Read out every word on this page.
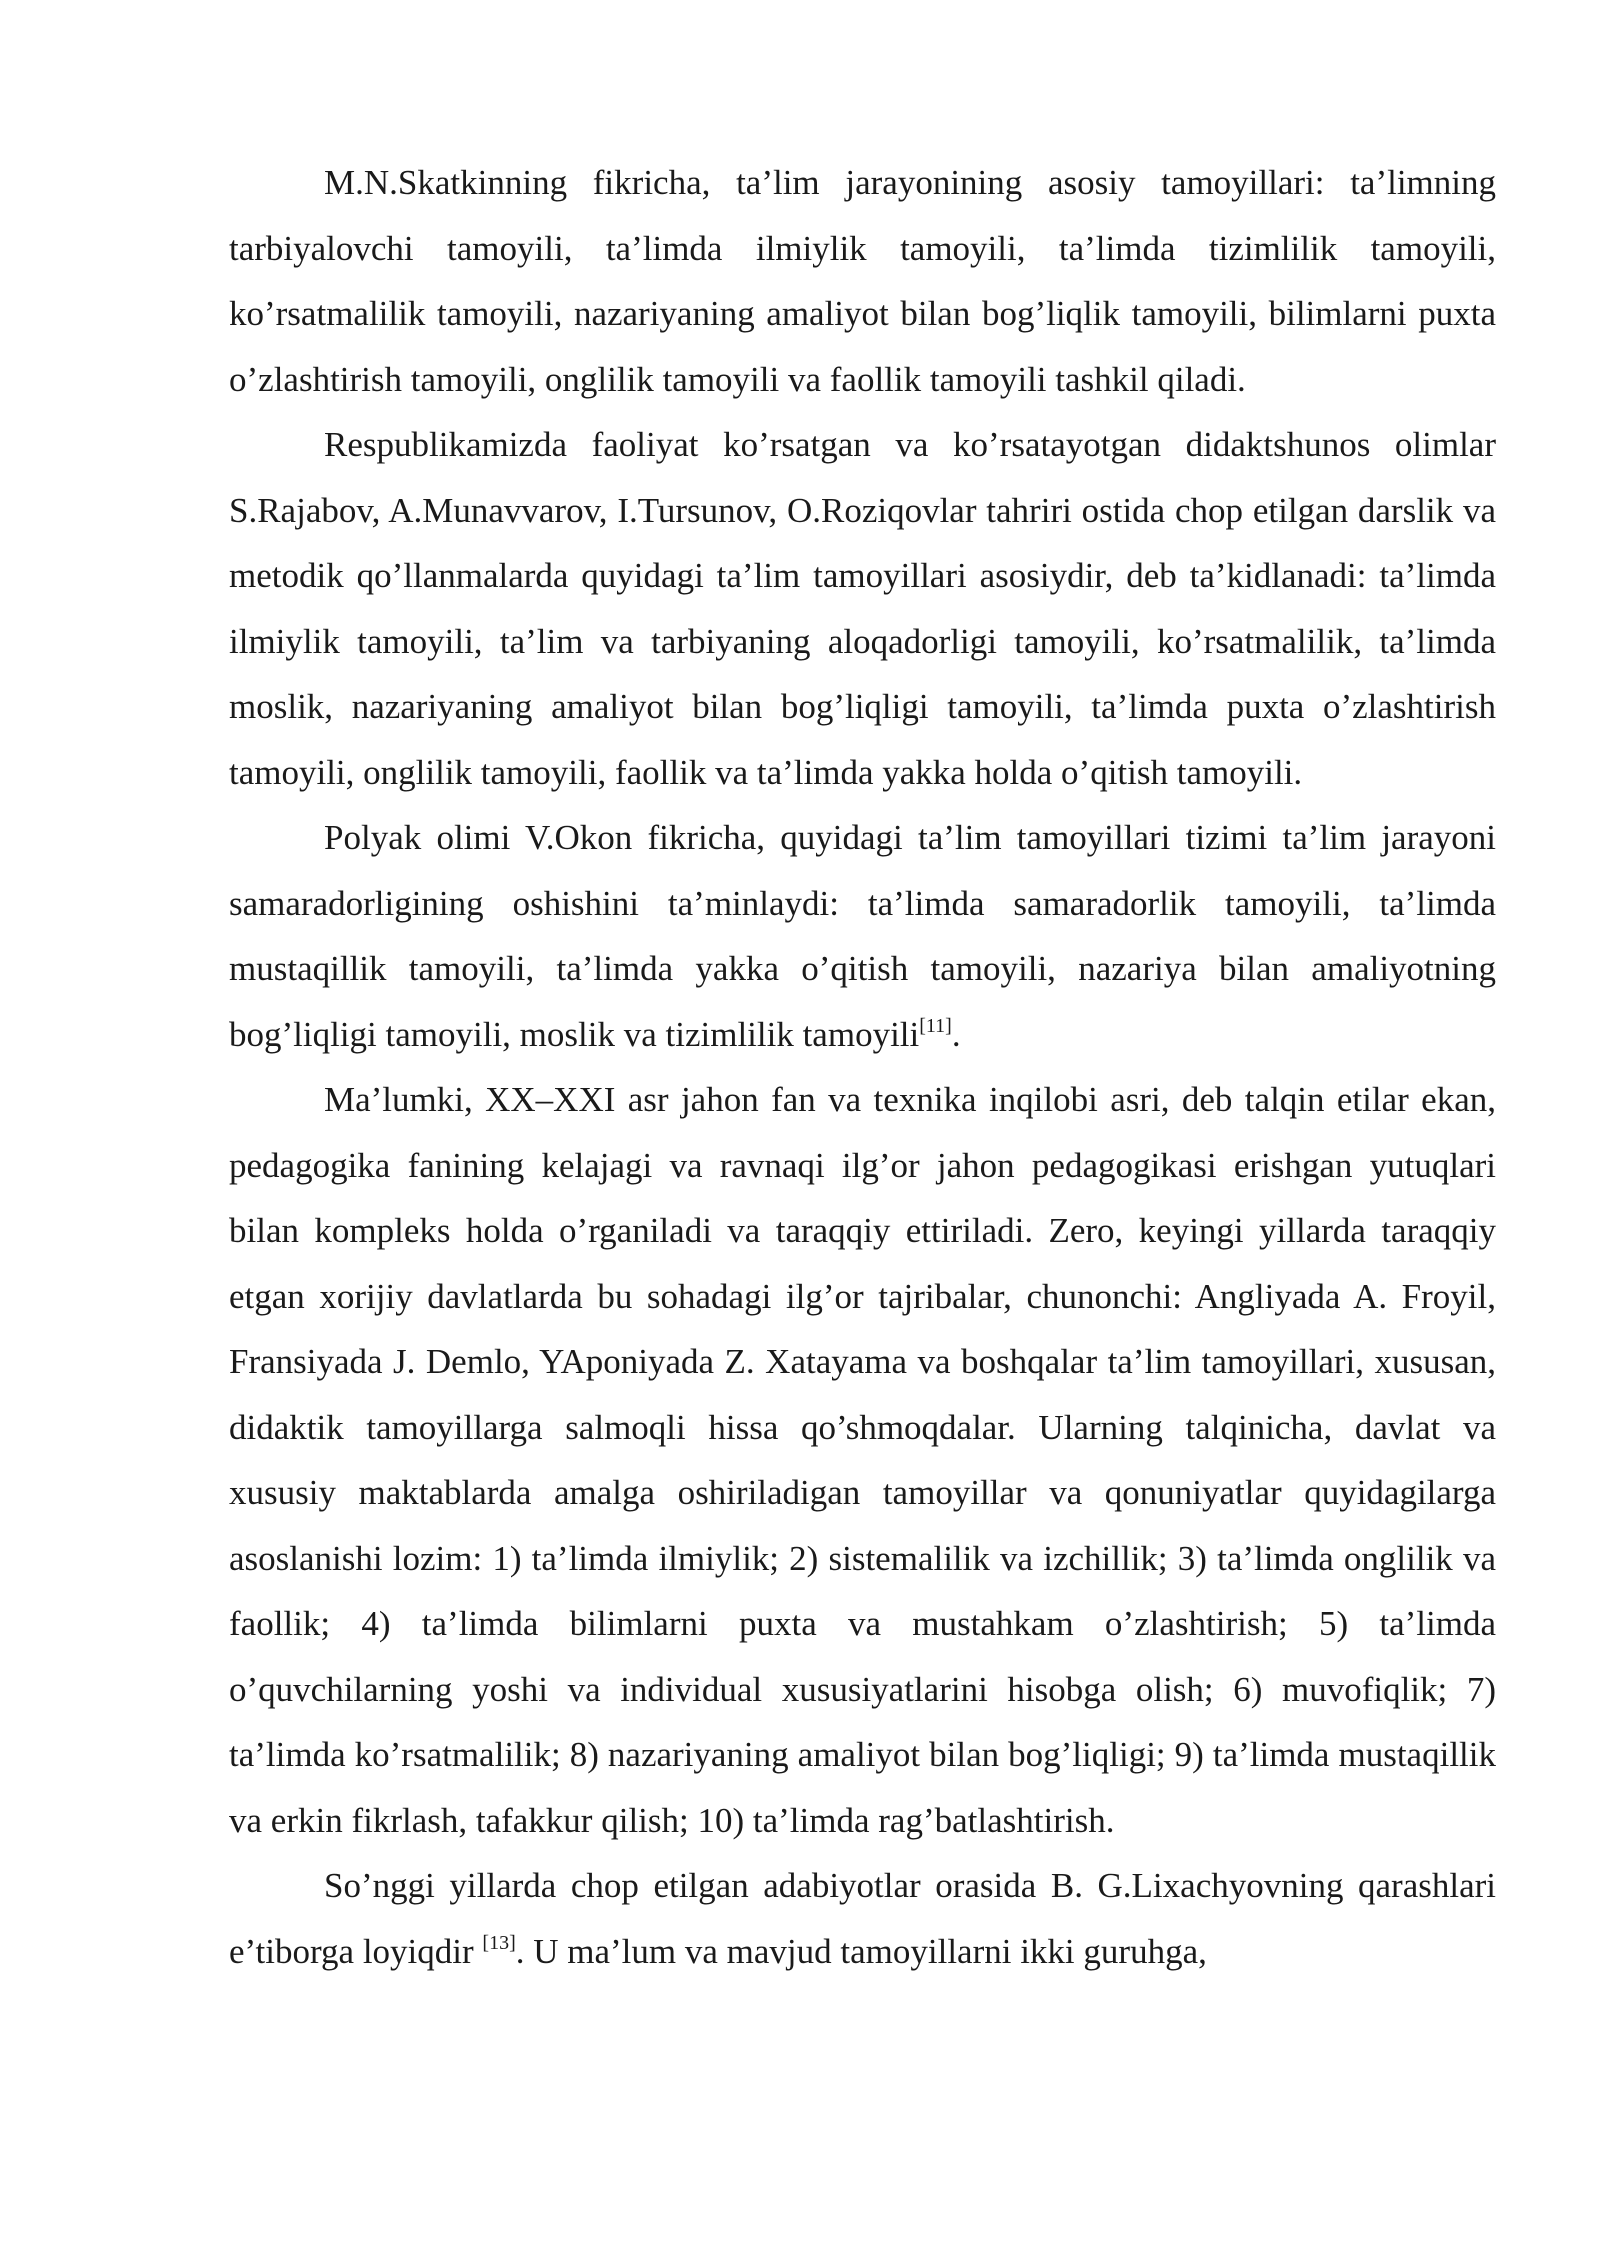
M.N.Skatkinning fikricha, ta’lim jarayonining asosiy tamoyillari: ta’limning tarbiyalovchi tamoyili, ta’limda ilmiylik tamoyili, ta’limda tizimlilik tamoyili, ko’rsatmalilik tamoyili, nazariyaning amaliyot bilan bog’liqlik tamoyili, bilimlarni puxta o’zlashtirish tamoyili, onglilik tamoyili va faollik tamoyili tashkil qiladi.

Respublikamizda faoliyat ko’rsatgan va ko’rsatayotgan didaktshunos olimlar S.Rajabov, A.Munavvarov, I.Tursunov, O.Roziqovlar tahriri ostida chop etilgan darslik va metodik qo’llanmalarda quyidagi ta’lim tamoyillari asosiydir, deb ta’kidlanadi: ta’limda ilmiylik tamoyili, ta’lim va tarbiyaning aloqadorligi tamoyili, ko’rsatmalilik, ta’limda moslik, nazariyaning amaliyot bilan bog’liqligi tamoyili, ta’limda puxta o’zlashtirish tamoyili, onglilik tamoyili, faollik va ta’limda yakka holda o’qitish tamoyili.

Polyak olimi V.Okon fikricha, quyidagi ta’lim tamoyillari tizimi ta’lim jarayoni samaradorligining oshishini ta’minlaydi: ta’limda samaradorlik tamoyili, ta’limda mustaqillik tamoyili, ta’limda yakka o’qitish tamoyili, nazariya bilan amaliyotning bog’liqligi tamoyili, moslik va tizimlilik tamoyili[11].

Ma’lumki, XX–XXI asr jahon fan va texnika inqilobi asri, deb talqin etilar ekan, pedagogika fanining kelajagi va ravnaqi ilg’or jahon pedagogikasi erishgan yutuqlari bilan kompleks holda o’rganiladi va taraqqiy ettiriladi. Zero, keyingi yillarda taraqqiy etgan xorijiy davlatlarda bu sohadagi ilg’or tajribalar, chunonchi: Angliyada A. Froyil, Fransiyada J. Demlo, YAponiyada Z. Xatayama va boshqalar ta’lim tamoyillari, xususan, didaktik tamoyillarga salmoqli hissa qo’shmoqdalar. Ularning talqinicha, davlat va xususiy maktablarda amalga oshiriladigan tamoyillar va qonuniyatlar quyidagilarga asoslanishi lozim: 1) ta’limda ilmiylik; 2) sistemalilik va izchillik; 3) ta’limda onglilik va faollik; 4) ta’limda bilimlarni puxta va mustahkam o’zlashtirish; 5) ta’limda o’quvchilarning yoshi va individual xususiyatlarini hisobga olish; 6) muvofiqlik; 7) ta’limda ko’rsatmalilik; 8) nazariyaning amaliyot bilan bog’liqligi; 9) ta’limda mustaqillik va erkin fikrlash, tafakkur qilish; 10) ta’limda rag’batlashtirish.

So’nggi yillarda chop etilgan adabiyotlar orasida B. G.Lixachyovning qarashlari e’tiborga loyiqdir [13]. U ma’lum va mavjud tamoyillarni ikki guruhga,
